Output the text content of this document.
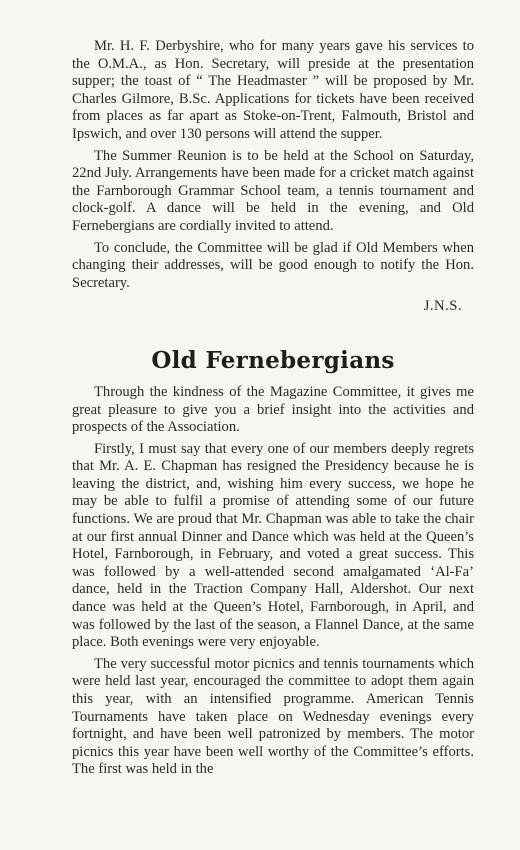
Mr. H. F. Derbyshire, who for many years gave his services to the O.M.A., as Hon. Secretary, will preside at the presentation supper; the toast of “ The Headmaster ” will be proposed by Mr. Charles Gilmore, B.Sc. Applications for tickets have been received from places as far apart as Stoke-on-Trent, Falmouth, Bristol and Ipswich, and over 130 persons will attend the supper.

The Summer Reunion is to be held at the School on Saturday, 22nd July. Arrangements have been made for a cricket match against the Farnborough Grammar School team, a tennis tournament and clock-golf. A dance will be held in the evening, and Old Fernebergians are cordially invited to attend.

To conclude, the Committee will be glad if Old Members when changing their addresses, will be good enough to notify the Hon. Secretary.

J.N.S.
Old Fernebergians

Through the kindness of the Magazine Committee, it gives me great pleasure to give you a brief insight into the activities and prospects of the Association.

Firstly, I must say that every one of our members deeply regrets that Mr. A. E. Chapman has resigned the Presidency because he is leaving the district, and, wishing him every success, we hope he may be able to fulfil a promise of attending some of our future functions. We are proud that Mr. Chapman was able to take the chair at our first annual Dinner and Dance which was held at the Queen’s Hotel, Farnborough, in February, and voted a great success. This was followed by a well-attended second amalgamated ‘Al-Fa’ dance, held in the Traction Company Hall, Aldershot. Our next dance was held at the Queen’s Hotel, Farnborough, in April, and was followed by the last of the season, a Flannel Dance, at the same place. Both evenings were very enjoyable.

The very successful motor picnics and tennis tournaments which were held last year, encouraged the committee to adopt them again this year, with an intensified programme. American Tennis Tournaments have taken place on Wednesday evenings every fortnight, and have been well patronized by members. The motor picnics this year have been well worthy of the Committee’s efforts. The first was held in the
